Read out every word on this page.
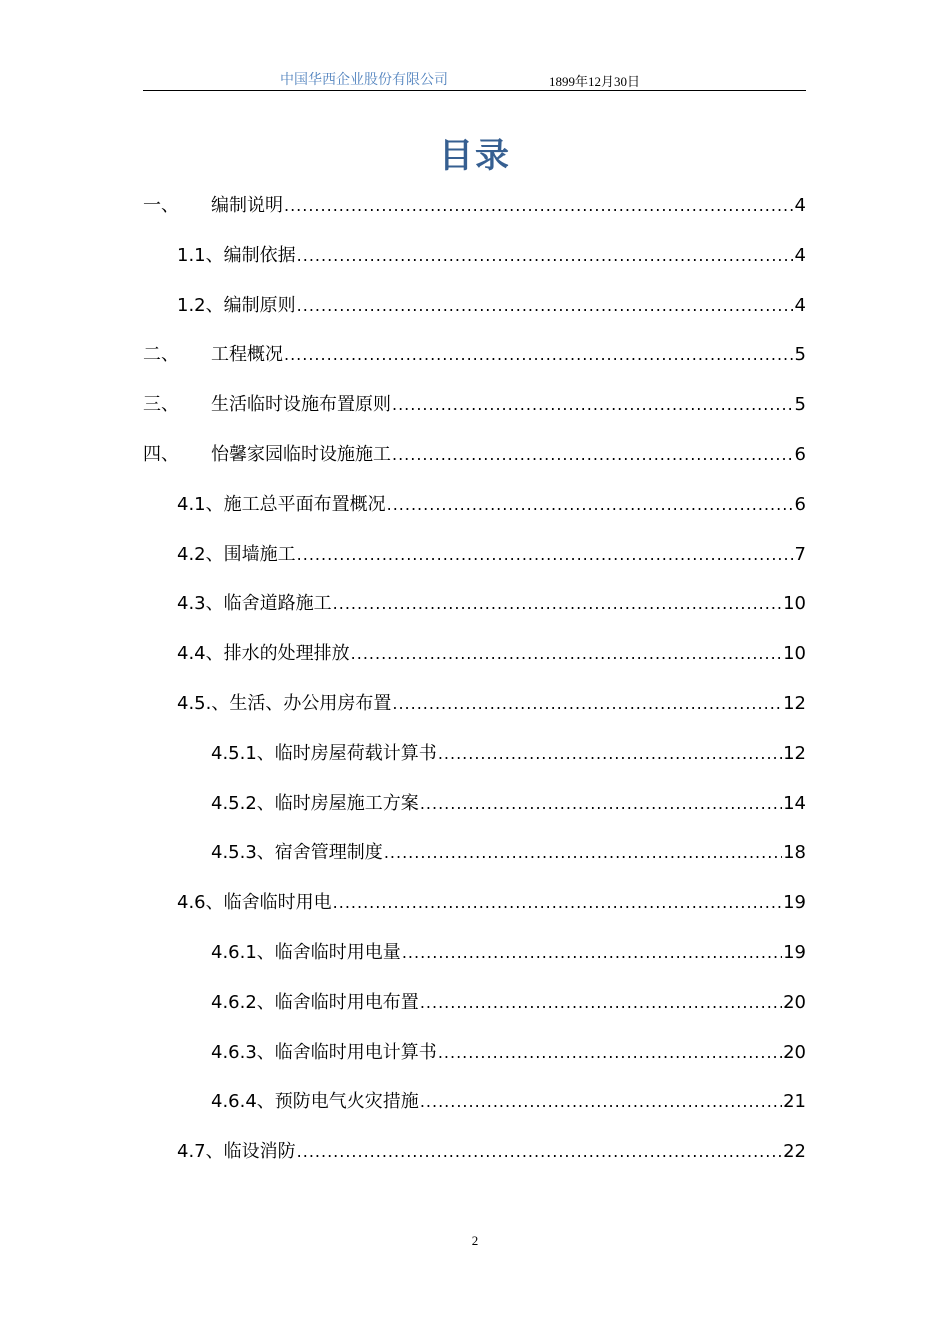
中国华西企业股份有限公司	1899年12月30日
目录
一、	编制说明 .....	4
1.1、编制依据 .....	4
1.2、编制原则 .....	4
二、	工程概况 .....	5
三、	生活临时设施布置原则 .....	5
四、	怡馨家园临时设施施工 .....	6
4.1、施工总平面布置概况 .....	6
4.2、围墙施工 .....	7
4.3、临舍道路施工 .....	10
4.4、排水的处理排放 .....	10
4.5.、生活、办公用房布置 .....	12
4.5.1、临时房屋荷载计算书 .....	12
4.5.2、临时房屋施工方案 .....	14
4.5.3、宿舍管理制度 .....	18
4.6、临舍临时用电 .....	19
4.6.1、临舍临时用电量 .....	19
4.6.2、临舍临时用电布置 .....	20
4.6.3、临舍临时用电计算书 .....	20
4.6.4、预防电气火灾措施 .....	21
4.7、临设消防 .....	22
2
